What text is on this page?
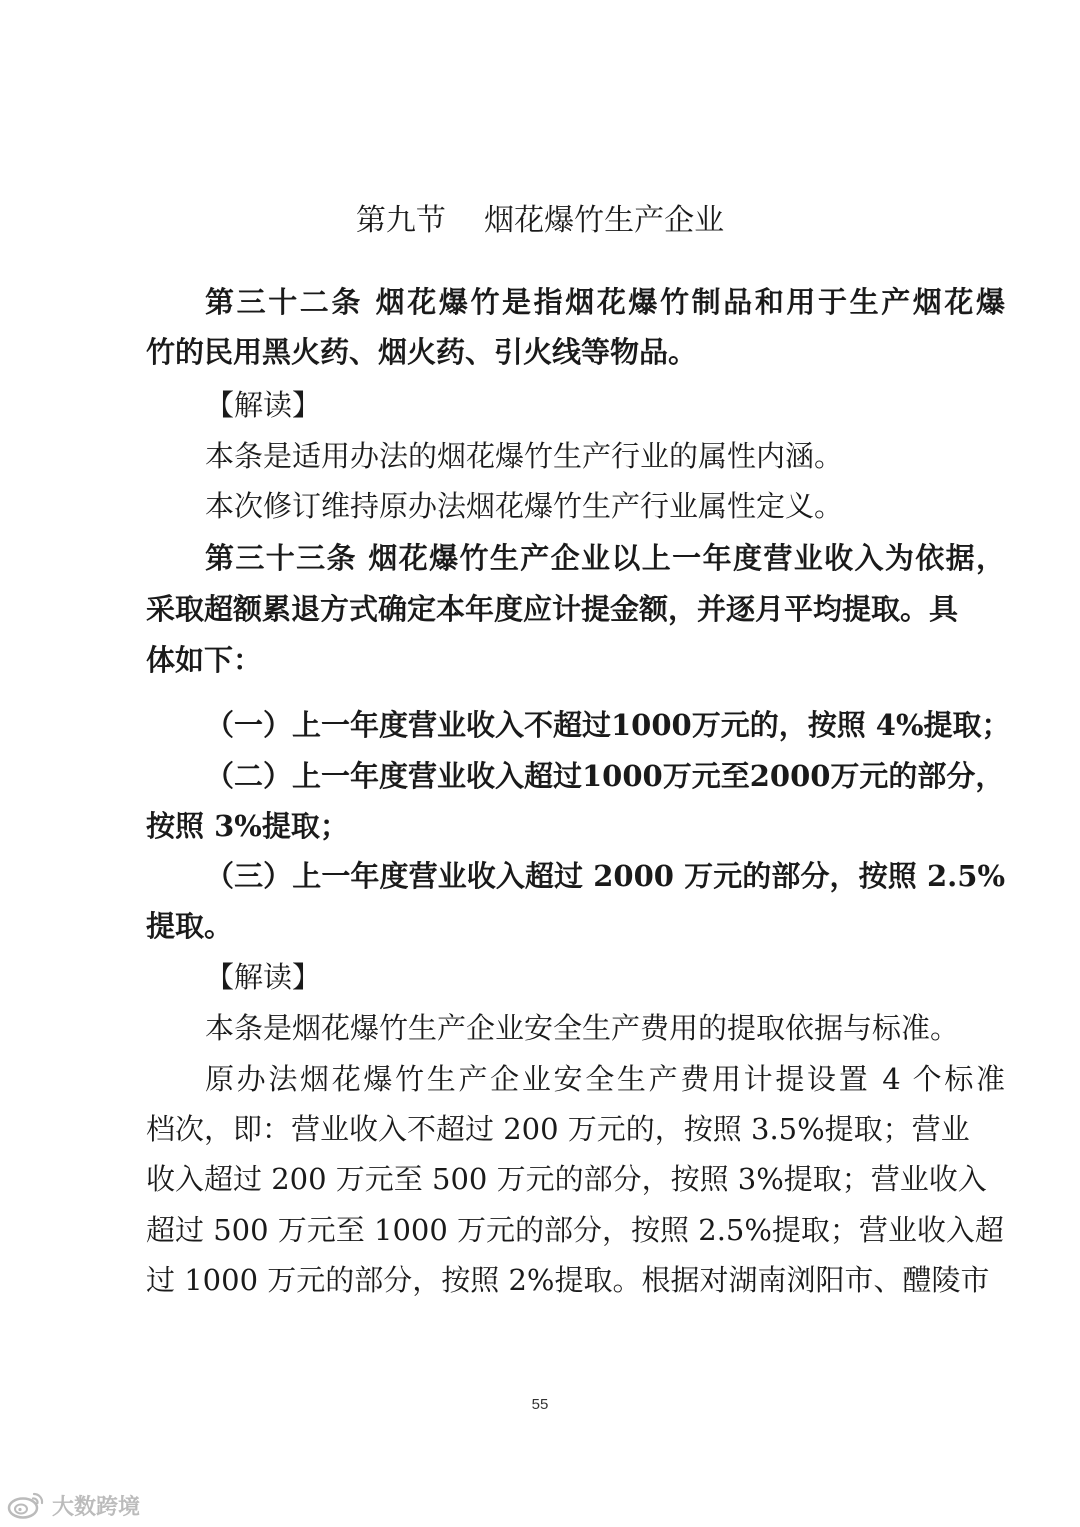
第九节    烟花爆竹生产企业
第三十二条 烟花爆竹是指烟花爆竹制品和用于生产烟花爆
竹的民用黑火药、烟火药、引火线等物品。
【解读】
本条是适用办法的烟花爆竹生产行业的属性内涵。
本次修订维持原办法烟花爆竹生产行业属性定义。
第三十三条 烟花爆竹生产企业以上一年度营业收入为依据，
采取超额累退方式确定本年度应计提金额，并逐月平均提取。具
体如下：
（一）上一年度营业收入不超过1000万元的，按照 4%提取；
（二）上一年度营业收入超过1000万元至2000万元的部分，
按照 3%提取；
（三）上一年度营业收入超过 2000 万元的部分，按照 2.5%
提取。
【解读】
本条是烟花爆竹生产企业安全生产费用的提取依据与标准。
原办法烟花爆竹生产企业安全生产费用计提设置 4 个标准
档次，即：营业收入不超过 200 万元的，按照 3.5%提取；营业
收入超过 200 万元至 500 万元的部分，按照 3%提取；营业收入
超过 500 万元至 1000 万元的部分，按照 2.5%提取；营业收入超
过 1000 万元的部分，按照 2%提取。根据对湖南浏阳市、醴陵市
55
大数跨境
